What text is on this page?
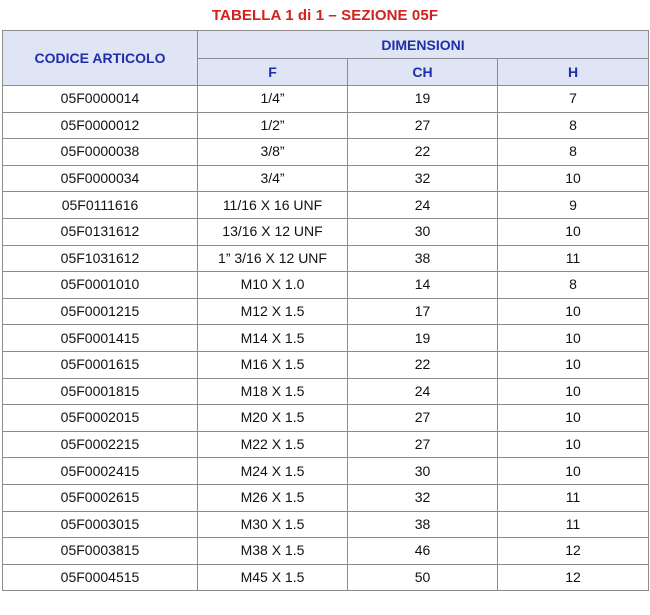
TABELLA 1 di 1 – SEZIONE 05F
CODICE ARTICOLO	DIMENSIONI		
	F	CH	H
05F0000014	1/4”	19	7
05F0000012	1/2”	27	8
05F0000038	3/8”	22	8
05F0000034	3/4”	32	10
05F0111616	11/16 X 16 UNF	24	9
05F0131612	13/16 X 12 UNF	30	10
05F1031612	1” 3/16 X 12 UNF	38	11
05F0001010	M10 X 1.0	14	8
05F0001215	M12 X 1.5	17	10
05F0001415	M14 X 1.5	19	10
05F0001615	M16 X 1.5	22	10
05F0001815	M18 X 1.5	24	10
05F0002015	M20 X 1.5	27	10
05F0002215	M22 X 1.5	27	10
05F0002415	M24 X 1.5	30	10
05F0002615	M26 X 1.5	32	11
05F0003015	M30 X 1.5	38	11
05F0003815	M38 X 1.5	46	12
05F0004515	M45 X 1.5	50	12
